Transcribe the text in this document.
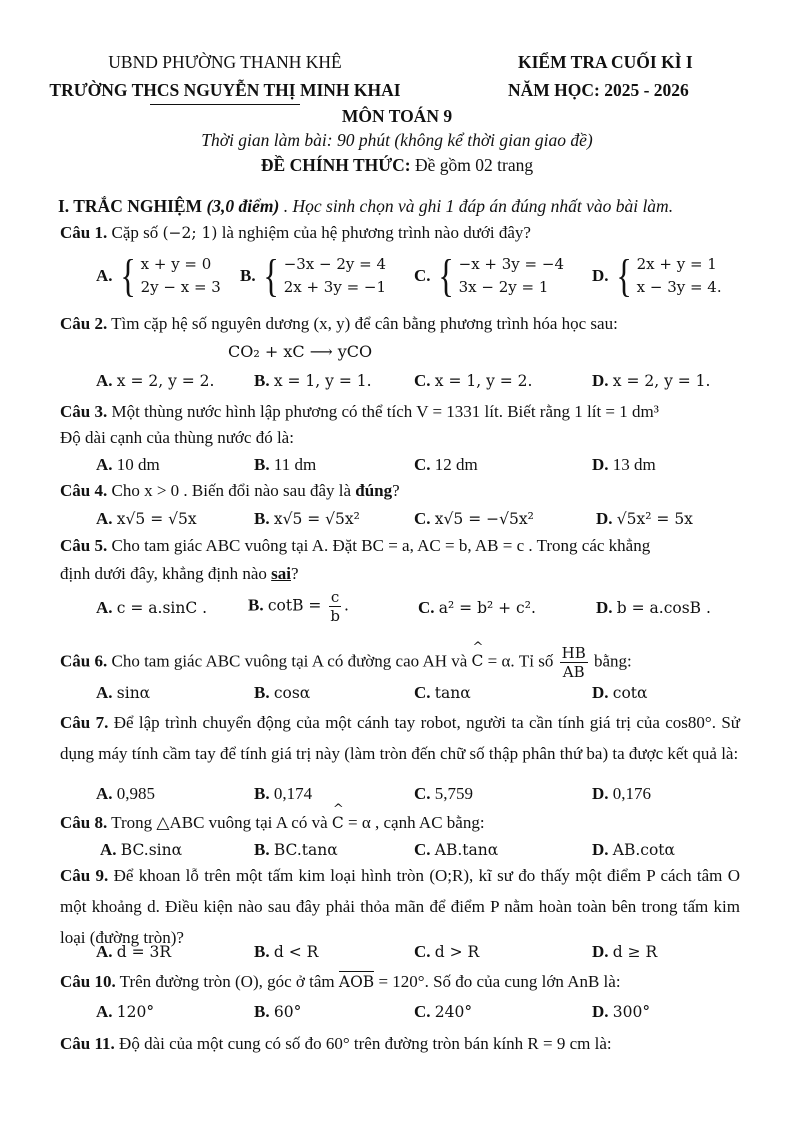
UBND PHƯỜNG THANH KHÊ
TRƯỜNG THCS NGUYỄN THỊ MINH KHAI
KIỂM TRA CUỐI KÌ I
NĂM HỌC: 2025 - 2026
MÔN TOÁN 9
Thời gian làm bài: 90 phút (không kể thời gian giao đề)
ĐỀ CHÍNH THỨC: Đề gồm 02 trang
I. TRẮC NGHIỆM (3,0 điểm) . Học sinh chọn và ghi 1 đáp án đúng nhất vào bài làm.
Câu 1. Cặp số (−2; 1) là nghiệm của hệ phương trình nào dưới đây?
A. { x + y = 0
2y − x = 3
B. { −3x − 2y = 4
2x + 3y = −1
C. { −x + 3y = −4
3x − 2y = 1
D. { 2x + y = 1
x − 3y = 4.
Câu 2. Tìm cặp hệ số nguyên dương (x, y) để cân bằng phương trình hóa học sau:
CO₂ + xC ⟶ yCO
A. x = 2, y = 2. B. x = 1, y = 1. C. x = 1, y = 2.	D. x = 2, y = 1.
Câu 3. Một thùng nước hình lập phương có thể tích V = 1331 lít. Biết rằng 1 lít = 1 dm³
Độ dài cạnh của thùng nước đó là:
A. 10 dm	B. 11 dm	C. 12 dm	D. 13 dm
Câu 4. Cho x > 0 . Biến đổi nào sau đây là đúng?
A. x√5 = √5x	B. x√5 = √5x²	C. x√5 = −√5x²	D. √5x² = 5x
Câu 5. Cho tam giác ABC vuông tại A. Đặt BC = a, AC = b, AB = c . Trong các khẳng
định dưới đây, khẳng định nào sai?
A. c = a.sinC . B. $\cot B = \frac{c}{b}$ .	C. a² = b² + c².	D. b = a.cosB .
Câu 6. Cho tam giác ABC vuông tại A có đường cao AH và ^ C = α. Tỉ số $\frac{HB}{AB}$ bằng:
A. sinα	B. cosα	C. tanα	D. cotα
Câu 7. Để lập trình chuyển động của một cánh tay robot, người ta cần tính giá trị của cos80°. Sử dụng máy tính cầm tay để tính giá trị này (làm tròn đến chữ số thập phân thứ ba) ta được kết quả là:
A. 0,985	B. 0,174	C. 5,759	D. 0,176
Câu 8. Trong △ABC vuông tại A có và ^ C = α , cạnh AC bằng:
A. BC.sinα	B. BC.tanα	C. AB.tanα	D. AB.cotα
Câu 9. Để khoan lỗ trên một tấm kim loại hình tròn (O;R), kĩ sư đo thấy một điểm P cách tâm O một khoảng d. Điều kiện nào sau đây phải thỏa mãn để điểm P nằm hoàn toàn bên trong tấm kim loại (đường tròn)?
A. d = 3R	B. d < R	C. d > R	D. d ≥ R
Câu 10. Trên đường tròn (O), góc ở tâm AOB = 120°. Số đo của cung lớn AnB là:
A. 120°	B. 60°	C. 240°	D. 300°
Câu 11. Độ dài của một cung có số đo 60° trên đường tròn bán kính R = 9 cm là:
